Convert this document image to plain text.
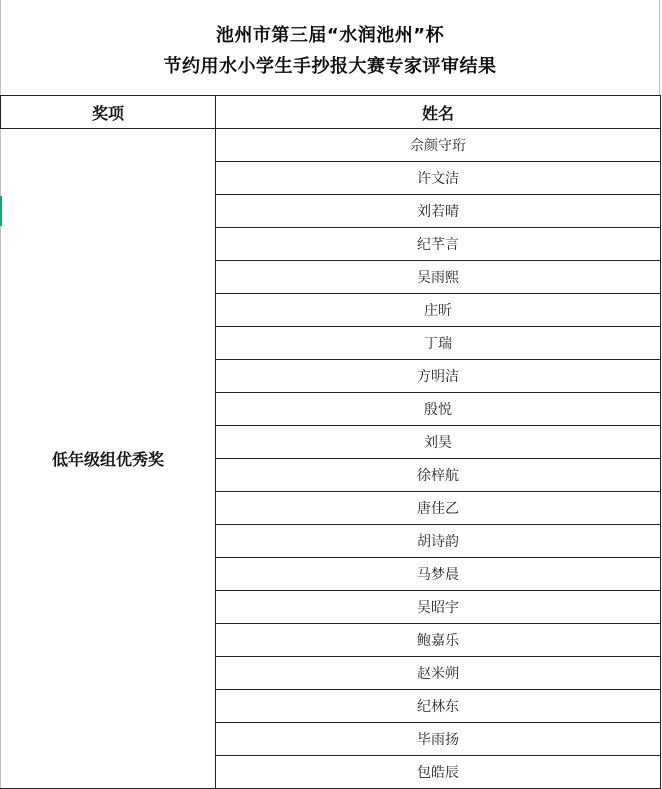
池州市第三届“水润池州”杯
节约用水小学生手抄报大赛专家评审结果
奖项	姓名
低年级组优秀奖	佘颜守珩
	许文洁
	刘若晴
	纪芊言
	吴雨熙
	庄昕
	丁瑞
	方明洁
	殷悦
	刘昊
	徐梓航
	唐佳乙
	胡诗韵
	马梦晨
	吴昭宇
	鲍嘉乐
	赵米朔
	纪林东
	毕雨扬
	包皓辰
